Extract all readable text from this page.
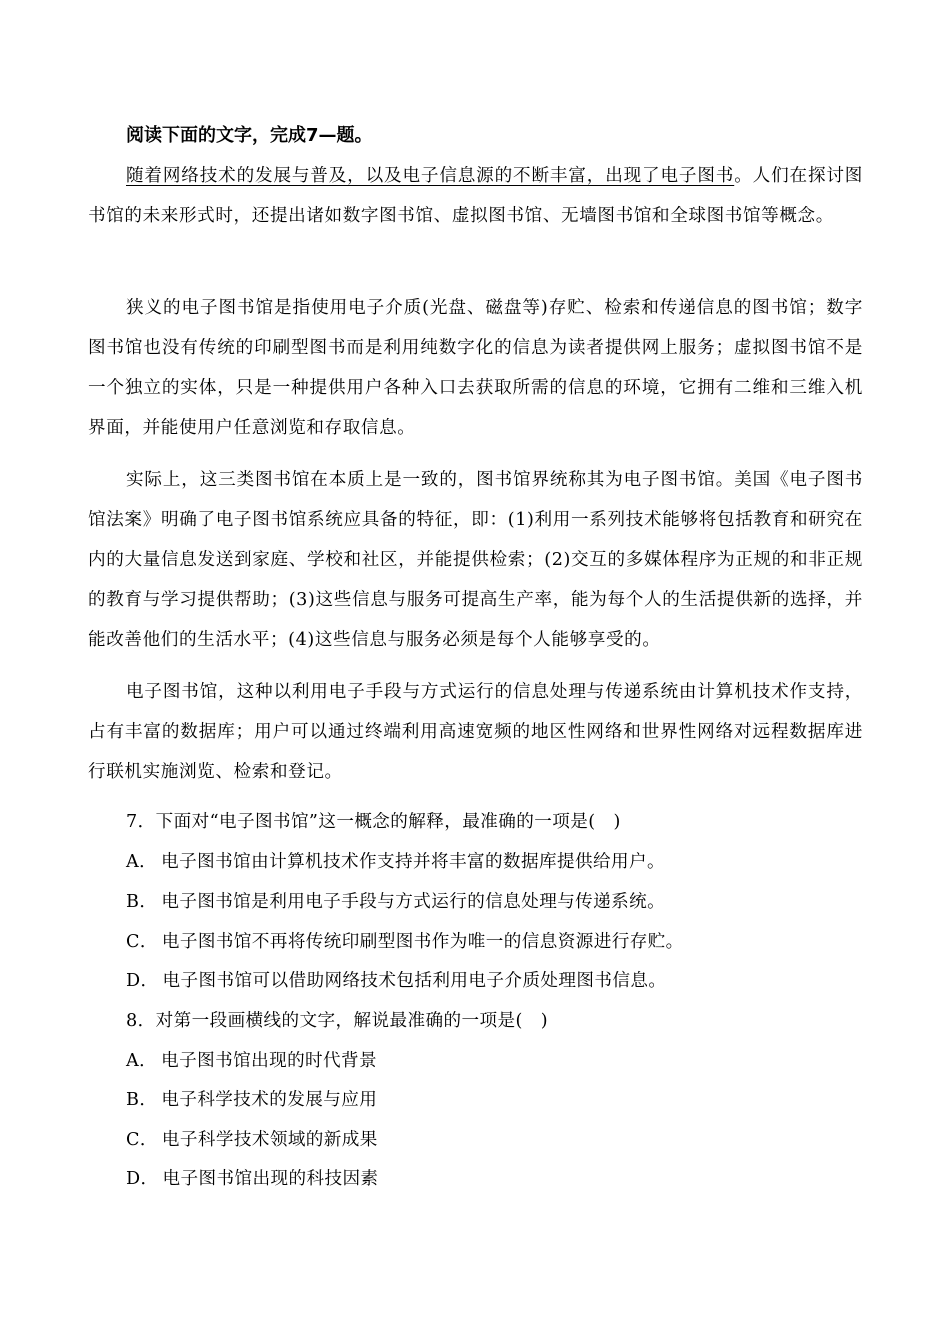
阅读下面的文字，完成7—题。
随着网络技术的发展与普及，以及电子信息源的不断丰富，出现了电子图书。人们在探讨图书馆的未来形式时，还提出诸如数字图书馆、虚拟图书馆、无墙图书馆和全球图书馆等概念。
狭义的电子图书馆是指使用电子介质(光盘、磁盘等)存贮、检索和传递信息的图书馆；数字图书馆也没有传统的印刷型图书而是利用纯数字化的信息为读者提供网上服务；虚拟图书馆不是一个独立的实体，只是一种提供用户各种入口去获取所需的信息的环境，它拥有二维和三维入机界面，并能使用户任意浏览和存取信息。
实际上，这三类图书馆在本质上是一致的，图书馆界统称其为电子图书馆。美国《电子图书馆法案》明确了电子图书馆系统应具备的特征，即：(1)利用一系列技术能够将包括教育和研究在内的大量信息发送到家庭、学校和社区，并能提供检索；(2)交互的多媒体程序为正规的和非正规的教育与学习提供帮助；(3)这些信息与服务可提高生产率，能为每个人的生活提供新的选择，并能改善他们的生活水平；(4)这些信息与服务必须是每个人能够享受的。
电子图书馆，这种以利用电子手段与方式运行的信息处理与传递系统由计算机技术作支持，占有丰富的数据库；用户可以通过终端利用高速宽频的地区性网络和世界性网络对远程数据库进行联机实施浏览、检索和登记。
7．下面对“电子图书馆”这一概念的解释，最准确的一项是(　)
A． 电子图书馆由计算机技术作支持并将丰富的数据库提供给用户。
B． 电子图书馆是利用电子手段与方式运行的信息处理与传递系统。
C． 电子图书馆不再将传统印刷型图书作为唯一的信息资源进行存贮。
D． 电子图书馆可以借助网络技术包括利用电子介质处理图书信息。
8．对第一段画横线的文字，解说最准确的一项是(　)
A． 电子图书馆出现的时代背景
B． 电子科学技术的发展与应用
C． 电子科学技术领域的新成果
D． 电子图书馆出现的科技因素
